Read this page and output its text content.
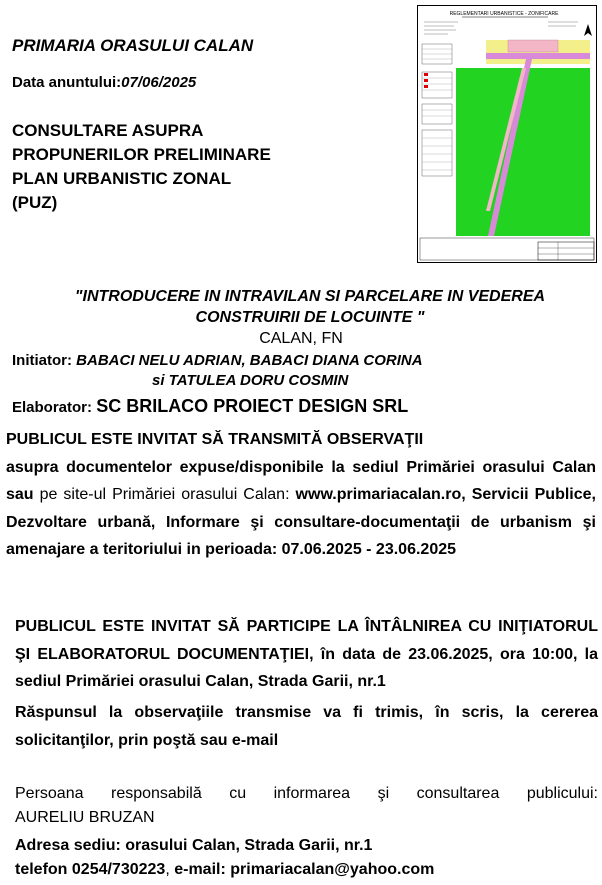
PRIMARIA ORASULUI CALAN
Data anuntului:07/06/2025
CONSULTARE ASUPRA
PROPUNERILOR PRELIMINARE
PLAN URBANISTIC ZONAL
(PUZ)
REGLEMENTARI URBANISTICE - ZONIFICARE
"INTRODUCERE IN INTRAVILAN SI PARCELARE IN VEDEREA
CONSTRUIRII DE LOCUINTE "
CALAN, FN
Initiator: BABACI NELU ADRIAN, BABACI DIANA CORINA
si TATULEA DORU COSMIN
Elaborator: SC BRILACO PROIECT DESIGN SRL
PUBLICUL ESTE INVITAT SĂ TRANSMITĂ OBSERVAŢII
asupra documentelor expuse/disponibile la sediul Primăriei orasului Calan sau pe site-ul Primăriei orasului Calan: www.primariacalan.ro, Servicii Publice, Dezvoltare urbană, Informare şi consultare-documentaţii de urbanism şi amenajare a teritoriului in perioada: 07.06.2025 - 23.06.2025
PUBLICUL ESTE INVITAT SĂ PARTICIPE LA ÎNTÂLNIREA CU INIŢIATORUL ŞI ELABORATORUL DOCUMENTAŢIEI, în data de 23.06.2025, ora 10:00, la sediul Primăriei orasului Calan, Strada Garii, nr.1
Răspunsul la observaţiile transmise va fi trimis, în scris, la cererea solicitanţilor, prin poştă sau e-mail
Persoana responsabilă cu informarea şi consultarea publicului:
AURELIU BRUZAN
Adresa sediu: orasului Calan, Strada Garii, nr.1
telefon 0254/730223, e-mail: primariacalan@yahoo.com
